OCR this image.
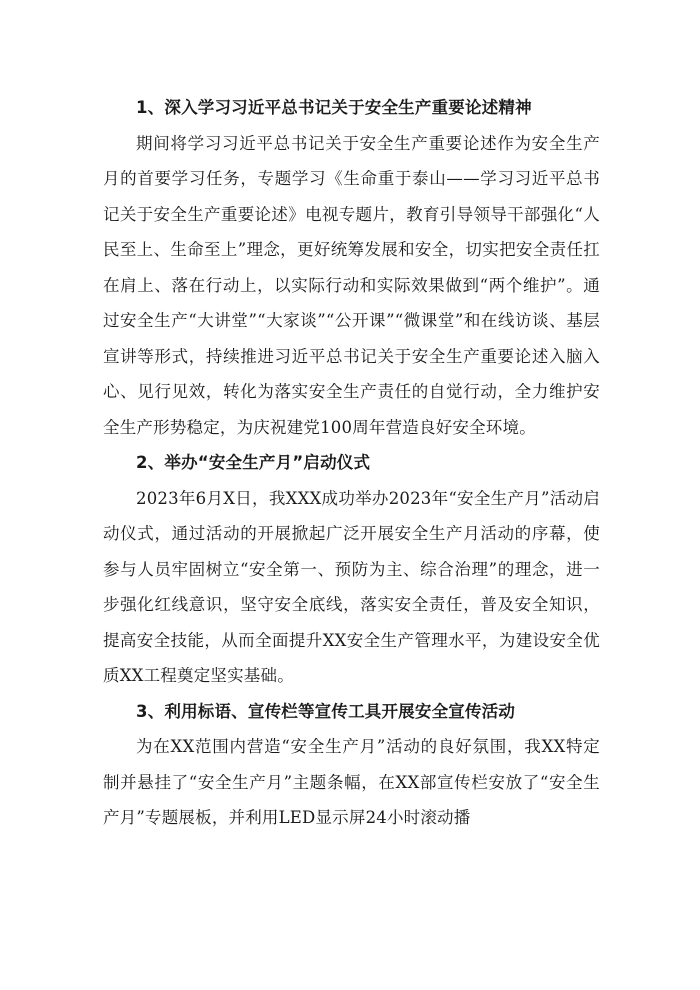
1、深入学习习近平总书记关于安全生产重要论述精神

期间将学习习近平总书记关于安全生产重要论述作为安全生产月的首要学习任务，专题学习《生命重于泰山——学习习近平总书记关于安全生产重要论述》电视专题片，教育引导领导干部强化“人民至上、生命至上”理念，更好统筹发展和安全，切实把安全责任扛在肩上、落在行动上，以实际行动和实际效果做到“两个维护”。通过安全生产“大讲堂”“大家谈”“公开课”“微课堂”和在线访谈、基层宣讲等形式，持续推进习近平总书记关于安全生产重要论述入脑入心、见行见效，转化为落实安全生产责任的自觉行动，全力维护安全生产形势稳定，为庆祝建党100周年营造良好安全环境。

2、举办“安全生产月”启动仪式

2023年6月X日，我XXX成功举办2023年“安全生产月”活动启动仪式，通过活动的开展掀起广泛开展安全生产月活动的序幕，使参与人员牢固树立“安全第一、预防为主、综合治理”的理念，进一步强化红线意识，坚守安全底线，落实安全责任，普及安全知识，提高安全技能，从而全面提升XX安全生产管理水平，为建设安全优质XX工程奠定坚实基础。

3、利用标语、宣传栏等宣传工具开展安全宣传活动

为在XX范围内营造“安全生产月”活动的良好氛围，我XX特定制并悬挂了“安全生产月”主题条幅，在XX部宣传栏安放了“安全生产月”专题展板，并利用LED显示屏24小时滚动播
